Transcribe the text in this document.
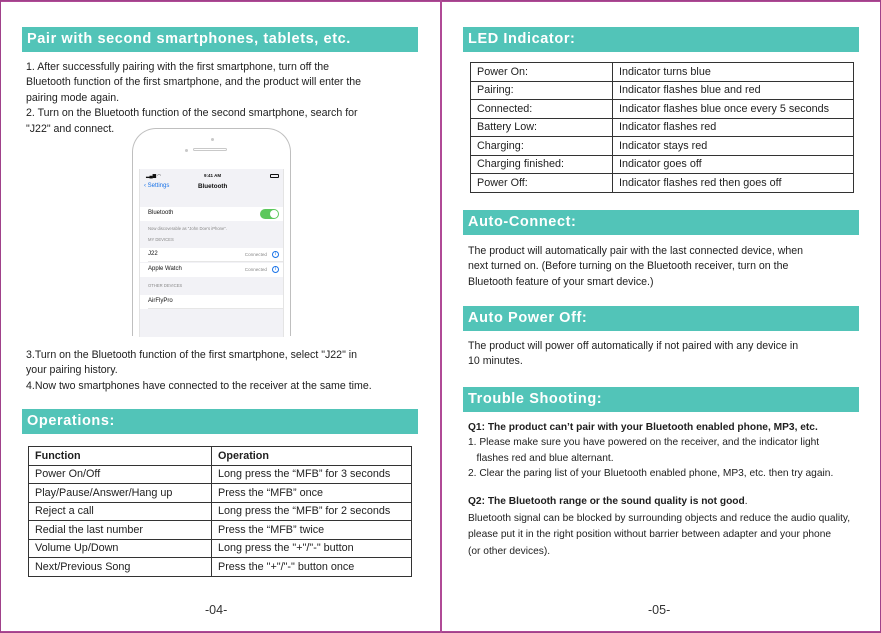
Pair with second smartphones, tablets, etc.
1. After successfully pairing with the first smartphone, turn off the
Bluetooth function of the first smartphone, and the product will enter the
pairing mode again.
2. Turn on the Bluetooth function of the second smartphone, search for
"J22" and connect.
▂▄▆ ◠	9:41 AM
‹ Settings	Bluetooth
Bluetooth
Now discoverable as "John Doe's iPhone".
MY DEVICES
J22	Connected	i
Apple Watch	Connected	i
OTHER DEVICES
AirFlyPro
3.Turn on the Bluetooth function of the first smartphone, select "J22" in
your pairing history.
4.Now two smartphones have connected to the receiver at the same time.
Operations:
Function	Operation
Power On/Off	Long press the “MFB” for 3 seconds
Play/Pause/Answer/Hang up	Press the “MFB” once
Reject a call	Long press the “MFB” for 2 seconds
Redial the last number	Press the “MFB” twice
Volume Up/Down	Long press the "+"/"-" button
Next/Previous Song	Press the "+"/"-" button once
-04-
LED Indicator:
Power On:	Indicator turns blue
Pairing:	Indicator flashes blue and red
Connected:	Indicator flashes blue once every 5 seconds
Battery Low:	Indicator flashes red
Charging:	Indicator stays red
Charging finished:	Indicator goes off
Power Off:	Indicator flashes red then goes off
Auto-Connect:
The product will automatically pair with the last connected device, when
next turned on. (Before turning on the Bluetooth receiver, turn on the
Bluetooth feature of your smart device.)
Auto Power Off:
The product will power off automatically if not paired with any device in
10 minutes.
Trouble Shooting:
Q1: The product can’t pair with your Bluetooth enabled phone, MP3, etc.
1. Please make sure you have powered on the receiver, and the indicator light
flashes red and blue alternant.
2. Clear the paring list of your Bluetooth enabled phone, MP3, etc. then try again.
Q2: The Bluetooth range or the sound quality is not good.
Bluetooth signal can be blocked by surrounding objects and reduce the audio quality,
please put it in the right position without barrier between adapter and your phone
(or other devices).
-05-
